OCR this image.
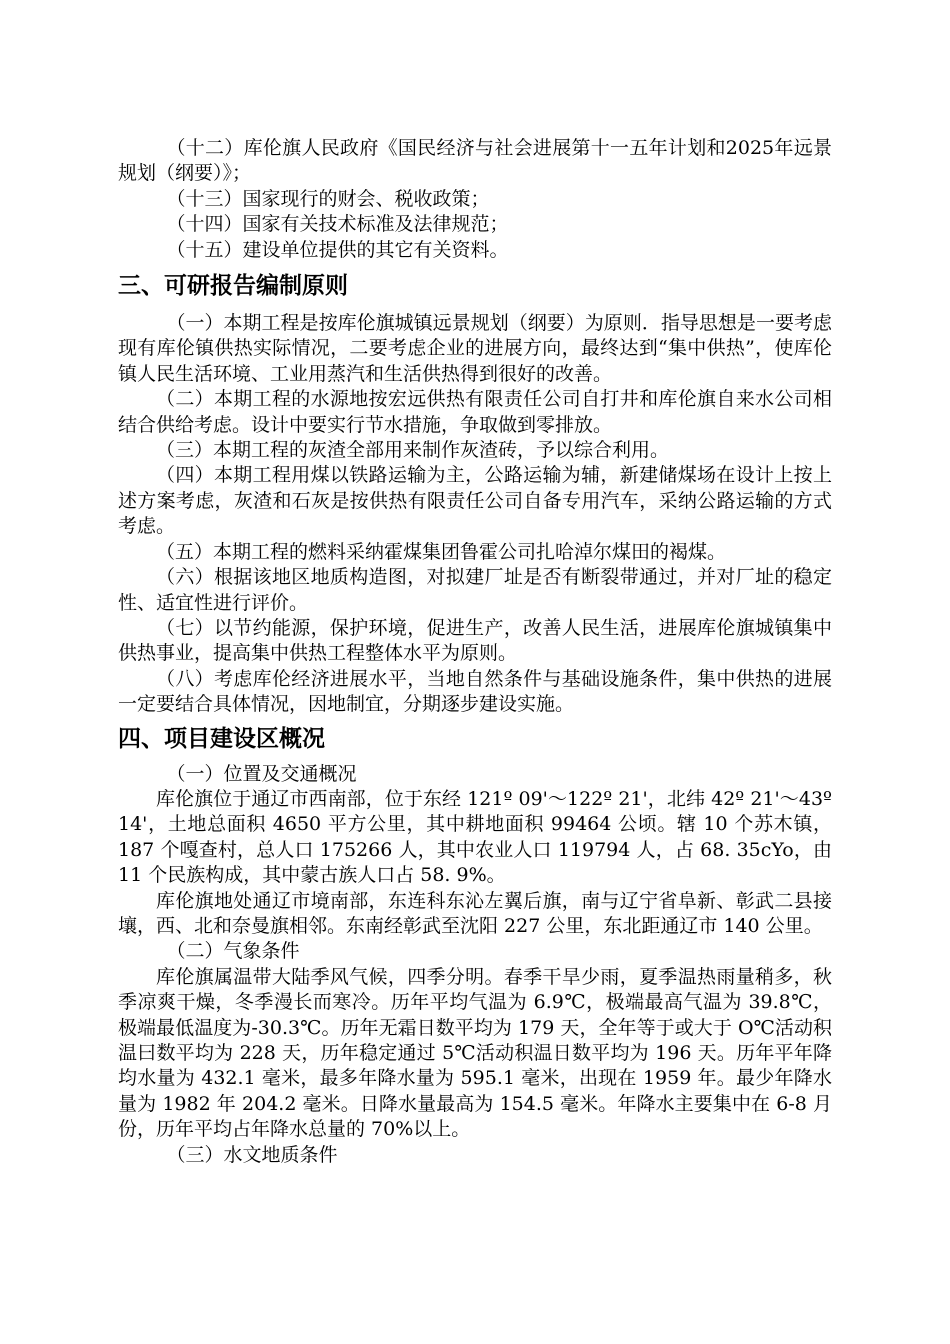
（十二）库伦旗人民政府《国民经济与社会进展第十一五年计划和2025年远景规划（纲要）》；

（十三）国家现行的财会、税收政策；

（十四）国家有关技术标准及法律规范；

（十五）建设单位提供的其它有关资料。

三、可研报告编制原则

（一）本期工程是按库伦旗城镇远景规划（纲要）为原则．指导思想是一要考虑现有库伦镇供热实际情况，二要考虑企业的进展方向，最终达到“集中供热”，使库伦镇人民生活环境、工业用蒸汽和生活供热得到很好的改善。

（二）本期工程的水源地按宏远供热有限责任公司自打井和库伦旗自来水公司相结合供给考虑。设计中要实行节水措施，争取做到零排放。

（三）本期工程的灰渣全部用来制作灰渣砖，予以综合利用。

（四）本期工程用煤以铁路运输为主，公路运输为辅，新建储煤场在设计上按上述方案考虑，灰渣和石灰是按供热有限责任公司自备专用汽车，采纳公路运输的方式考虑。

（五）本期工程的燃料采纳霍煤集团鲁霍公司扎哈淖尔煤田的褐煤。

（六）根据该地区地质构造图，对拟建厂址是否有断裂带通过，并对厂址的稳定性、适宜性进行评价。

（七）以节约能源，保护环境，促进生产，改善人民生活，进展库伦旗城镇集中供热事业，提高集中供热工程整体水平为原则。

（八）考虑库伦经济进展水平，当地自然条件与基础设施条件，集中供热的进展一定要结合具体情况，因地制宜，分期逐步建设实施。

四、项目建设区概况

（一）位置及交通概况

库伦旗位于通辽市西南部，位于东经 121º 09'～122º 21'，北纬 42º 21'～43º 14'，土地总面积 4650 平方公里，其中耕地面积 99464 公顷。辖 10 个苏木镇，187 个嘎查村，总人口 175266 人，其中农业人口 119794 人，占 68. 35cYo，由 11 个民族构成，其中蒙古族人口占 58. 9%。

库伦旗地处通辽市境南部，东连科东沁左翼后旗，南与辽宁省阜新、彰武二县接壤，西、北和奈曼旗相邻。东南经彰武至沈阳 227 公里，东北距通辽市 140 公里。

（二）气象条件

库伦旗属温带大陆季风气候，四季分明。春季干旱少雨，夏季温热雨量稍多，秋季凉爽干燥，冬季漫长而寒冷。历年平均气温为 6.9℃，极端最高气温为 39.8℃，极端最低温度为-30.3℃。历年无霜日数平均为 179 天，全年等于或大于 O℃活动积温曰数平均为 228 天，历年稳定通过 5℃活动积温日数平均为 196 天。历年平年降均水量为 432.1 毫米，最多年降水量为 595.1 毫米，出现在 1959 年。最少年降水量为 1982 年 204.2 毫米。日降水量最高为 154.5 毫米。年降水主要集中在 6-8 月份，历年平均占年降水总量的 70%以上。

（三）水文地质条件
